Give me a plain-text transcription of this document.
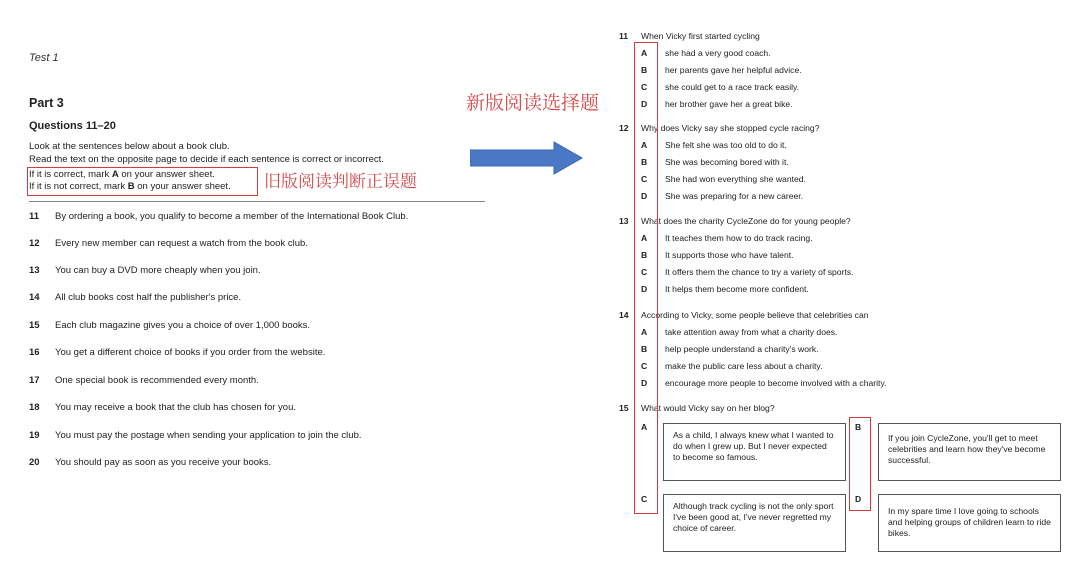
Test 1
Part 3
Questions 11–20
Look at the sentences below about a book club.
Read the text on the opposite page to decide if each sentence is correct or incorrect.
If it is correct, mark A on your answer sheet.
If it is not correct, mark B on your answer sheet. 旧版阅读判断正误题
11 By ordering a book, you qualify to become a member of the International Book Club.
12 Every new member can request a watch from the book club.
13 You can buy a DVD more cheaply when you join.
14 All club books cost half the publisher's price.
15 Each club magazine gives you a choice of over 1,000 books.
16 You get a different choice of books if you order from the website.
17 One special book is recommended every month.
18 You may receive a book that the club has chosen for you.
19 You must pay the postage when sending your application to join the club.
20 You should pay as soon as you receive your books.
新版阅读选择题
11 When Vicky first started cycling
A she had a very good coach.
B her parents gave her helpful advice.
C she could get to a race track easily.
D her brother gave her a great bike.
12 Why does Vicky say she stopped cycle racing?
A She felt she was too old to do it.
B She was becoming bored with it.
C She had won everything she wanted.
D She was preparing for a new career.
13 What does the charity CycleZone do for young people?
A It teaches them how to do track racing.
B It supports those who have talent.
C It offers them the chance to try a variety of sports.
D It helps them become more confident.
14 According to Vicky, some people believe that celebrities can
A take attention away from what a charity does.
B help people understand a charity's work.
C make the public care less about a charity.
D encourage more people to become involved with a charity.
15 What would Vicky say on her blog?
A
As a child, I always knew what I wanted to do when I grew up. But I never expected to become so famous.
B
If you join CycleZone, you'll get to meet celebrities and learn how they've become successful.
C
Although track cycling is not the only sport I've been good at, I've never regretted my choice of career.
D
In my spare time I love going to schools and helping groups of children learn to ride bikes.
